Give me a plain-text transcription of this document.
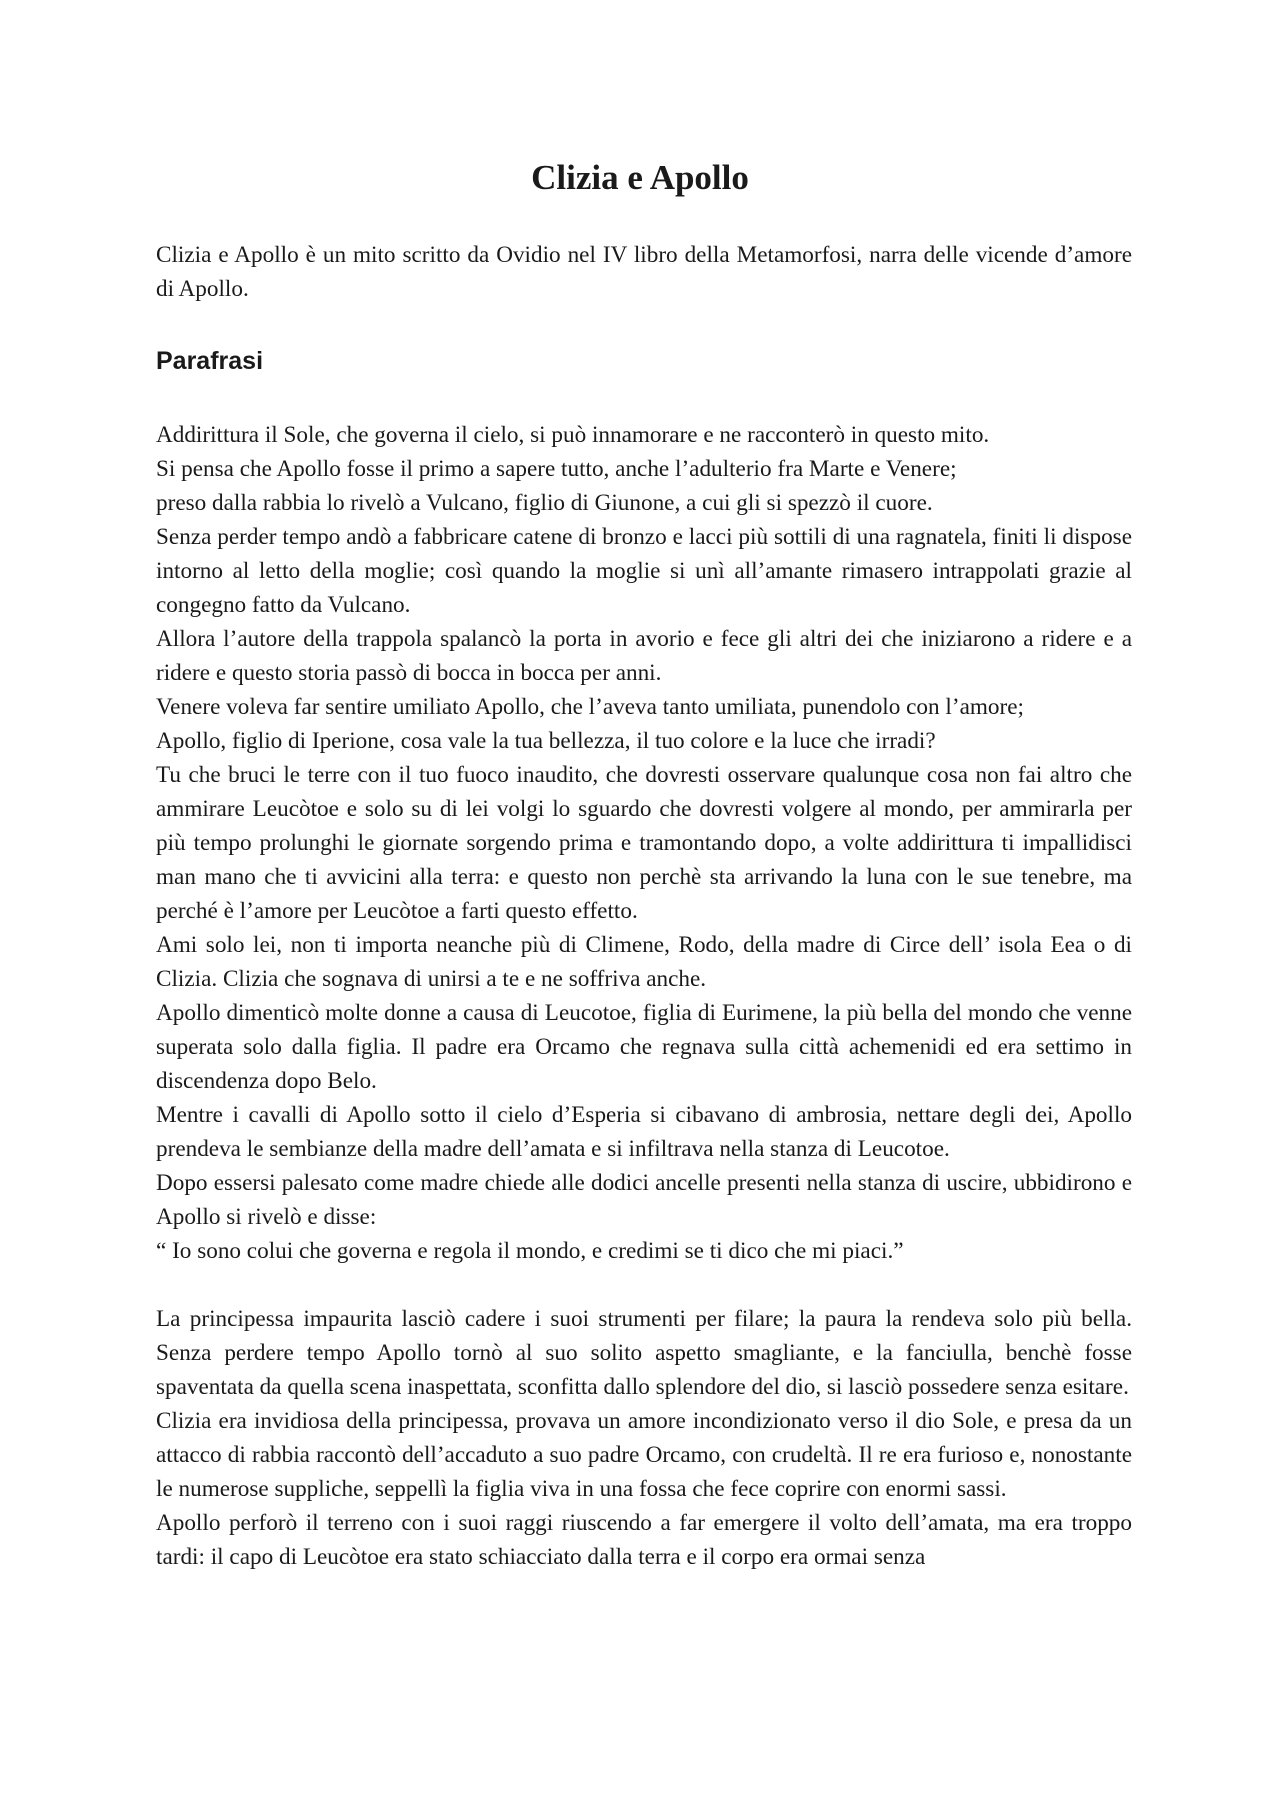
Clizia e Apollo

Clizia e Apollo è un mito scritto da Ovidio nel IV libro della Metamorfosi, narra delle vicende d’amore di Apollo.

Parafrasi

Addirittura il Sole, che governa il cielo, si può innamorare e ne racconterò in questo mito.

Si pensa che Apollo fosse il primo a sapere tutto, anche l’adulterio fra Marte e Venere;

preso dalla rabbia lo rivelò a Vulcano, figlio di Giunone, a cui gli si spezzò il cuore.

Senza perder tempo andò a fabbricare catene di bronzo e lacci più sottili di una ragnatela, finiti li dispose intorno al letto della moglie; così quando la moglie si unì all’amante rimasero intrappolati grazie al congegno fatto da Vulcano.

Allora l’autore della trappola spalancò la porta in avorio e fece gli altri dei che iniziarono a ridere e a ridere e questo storia passò di bocca in bocca per anni.

Venere voleva far sentire umiliato Apollo, che l’aveva tanto umiliata, punendolo con l’amore;

Apollo, figlio di Iperione, cosa vale la tua bellezza, il tuo colore e la luce che irradi?

Tu che bruci le terre con il tuo fuoco inaudito, che dovresti osservare qualunque cosa non fai altro che ammirare Leucòtoe e solo su di lei volgi lo sguardo che dovresti volgere al mondo, per ammirarla per più tempo prolunghi le giornate sorgendo prima e tramontando dopo, a volte addirittura ti impallidisci man mano che ti avvicini alla terra: e questo non perchè sta arrivando la luna con le sue tenebre, ma perché è l’amore per Leucòtoe a farti questo effetto.

Ami solo lei, non ti importa neanche più di Climene, Rodo, della madre di Circe dell’ isola Eea o di Clizia. Clizia che sognava di unirsi a te e ne soffriva anche.

Apollo dimenticò molte donne a causa di Leucotoe, figlia di Eurimene, la più bella del mondo che venne superata solo dalla figlia. Il padre era Orcamo che regnava sulla città achemenidi ed era settimo in discendenza dopo Belo.

Mentre i cavalli di Apollo sotto il cielo d’Esperia si cibavano di ambrosia, nettare degli dei, Apollo prendeva le sembianze della madre dell’amata e si infiltrava nella stanza di Leucotoe.

Dopo essersi palesato come madre chiede alle dodici ancelle presenti nella stanza di uscire, ubbidirono e Apollo si rivelò e disse:

“ Io sono colui che governa e regola il mondo, e credimi se ti dico che mi piaci.”

La principessa impaurita lasciò cadere i suoi strumenti per filare; la paura la rendeva solo più bella. Senza perdere tempo Apollo tornò al suo solito aspetto smagliante, e la fanciulla, benchè fosse spaventata da quella scena inaspettata, sconfitta dallo splendore del dio, si lasciò possedere senza esitare.

Clizia era invidiosa della principessa, provava un amore incondizionato verso il dio Sole, e presa da un attacco di rabbia raccontò dell’accaduto a suo padre Orcamo, con crudeltà. Il re era furioso e, nonostante le numerose suppliche, seppellì la figlia viva in una fossa che fece coprire con enormi sassi.

Apollo perforò il terreno con i suoi raggi riuscendo a far emergere il volto dell’amata, ma era troppo tardi: il capo di Leucòtoe era stato schiacciato dalla terra e il corpo era ormai senza
